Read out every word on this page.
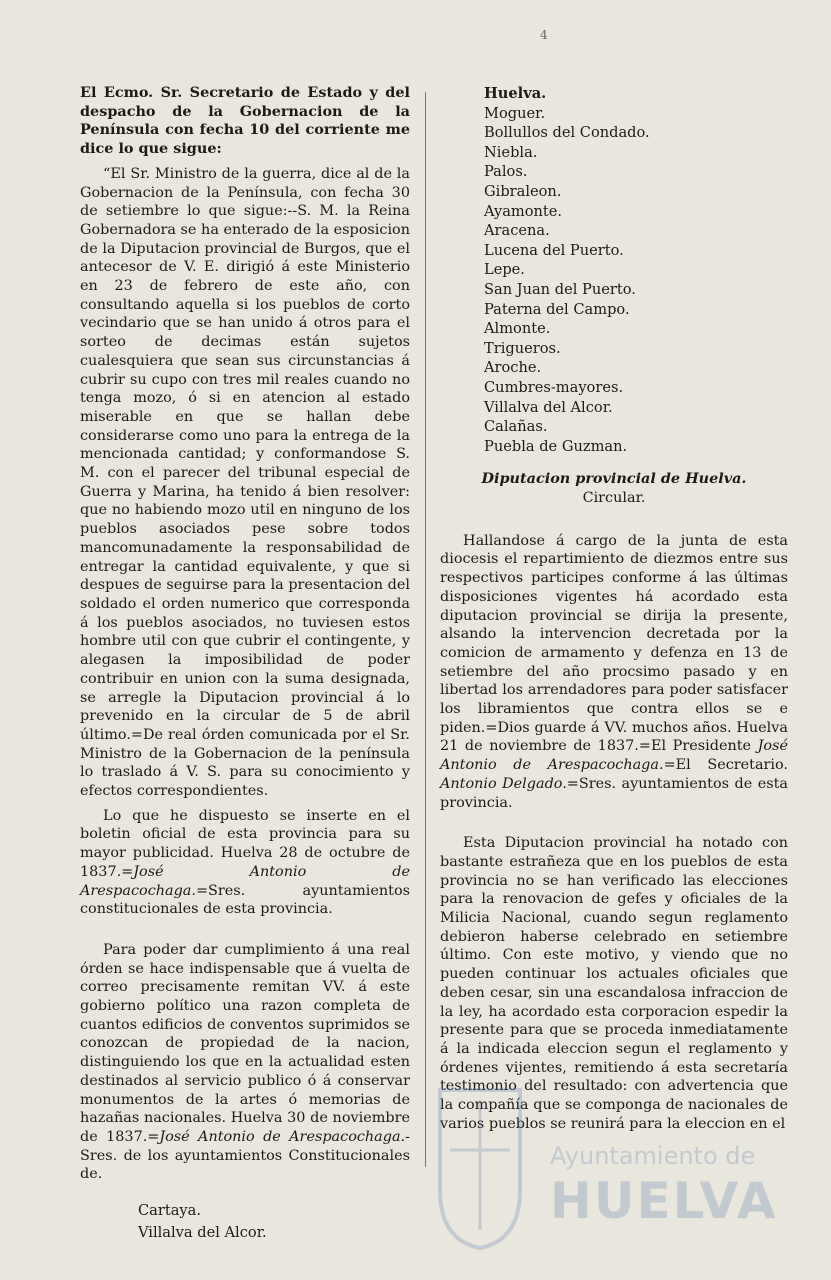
4

El Ecmo. Sr. Secretario de Estado y del despacho de la Gobernacion de la Península con fecha 10 del corriente me dice lo que sigue:

“El Sr. Ministro de la guerra, dice al de la Gobernacion de la Península, con fecha 30 de setiembre lo que sigue:--S. M. la Reina Gobernadora se ha enterado de la esposicion de la Diputacion provincial de Burgos, que el antecesor de V. E. dirigió á este Ministerio en 23 de febrero de este año, con consultando aquella si los pueblos de corto vecindario que se han unido á otros para el sorteo de decimas están sujetos cualesquiera que sean sus circunstancias á cubrir su cupo con tres mil reales cuando no tenga mozo, ó si en atencion al estado miserable en que se hallan debe considerarse como uno para la entrega de la mencionada cantidad; y conformandose S. M. con el parecer del tribunal especial de Guerra y Marina, ha tenido á bien resolver: que no habiendo mozo util en ninguno de los pueblos asociados pese sobre todos mancomunadamente la responsabilidad de entregar la cantidad equivalente, y que si despues de seguirse para la presentacion del soldado el orden numerico que corresponda á los pueblos asociados, no tuviesen estos hombre util con que cubrir el contingente, y alegasen la imposibilidad de poder contribuir en union con la suma designada, se arregle la Diputacion provincial á lo prevenido en la circular de 5 de abril último.=De real órden comunicada por el Sr. Ministro de la Gobernacion de la península lo traslado á V. S. para su conocimiento y efectos correspondientes.

Lo que he dispuesto se inserte en el boletin oficial de esta provincia para su mayor publicidad. Huelva 28 de octubre de 1837.=José Antonio de Arespacochaga.=Sres. ayuntamientos constitucionales de esta provincia.

Para poder dar cumplimiento á una real órden se hace indispensable que á vuelta de correo precisamente remitan VV. á este gobierno político una razon completa de cuantos edificios de conventos suprimidos se conozcan de propiedad de la nacion, distinguiendo los que en la actualidad esten destinados al servicio publico ó á conservar monumentos de la artes ó memorias de hazañas nacionales. Huelva 30 de noviembre de 1837.=José Antonio de Arespacochaga.-Sres. de los ayuntamientos Constitucionales de.

Cartaya.
Villalva del Alcor.
Huelva.
Moguer.
Bollullos del Condado.
Niebla.
Palos.
Gibraleon.
Ayamonte.
Aracena.
Lucena del Puerto.
Lepe.
San Juan del Puerto.
Paterna del Campo.
Almonte.
Trigueros.
Aroche.
Cumbres-mayores.
Villalva del Alcor.
Calañas.
Puebla de Guzman.
Diputacion provincial de Huelva.
Circular.

Hallandose á cargo de la junta de esta diocesis el repartimiento de diezmos entre sus respectivos participes conforme á las últimas disposiciones vigentes há acordado esta diputacion provincial se dirija la presente, alsando la intervencion decretada por la comicion de armamento y defenza en 13 de setiembre del año procsimo pasado y en libertad los arrendadores para poder satisfacer los libramientos que contra ellos se e piden.=Dios guarde á VV. muchos años. Huelva 21 de noviembre de 1837.=El Presidente José Antonio de Arespacochaga.=El Secretario. Antonio Delgado.=Sres. ayuntamientos de esta provincia.

Esta Diputacion provincial ha notado con bastante estrañeza que en los pueblos de esta provincia no se han verificado las elecciones para la renovacion de gefes y oficiales de la Milicia Nacional, cuando segun reglamento debieron haberse celebrado en setiembre último. Con este motivo, y viendo que no pueden continuar los actuales oficiales que deben cesar, sin una escandalosa infraccion de la ley, ha acordado esta corporacion espedir la presente para que se proceda inmediatamente á la indicada eleccion segun el reglamento y órdenes vijentes, remitiendo á esta secretaría testimonio del resultado: con advertencia que la compañía que se componga de nacionales de varios pueblos se reunirá para la eleccion en el

Ayuntamiento de
HUELVA
